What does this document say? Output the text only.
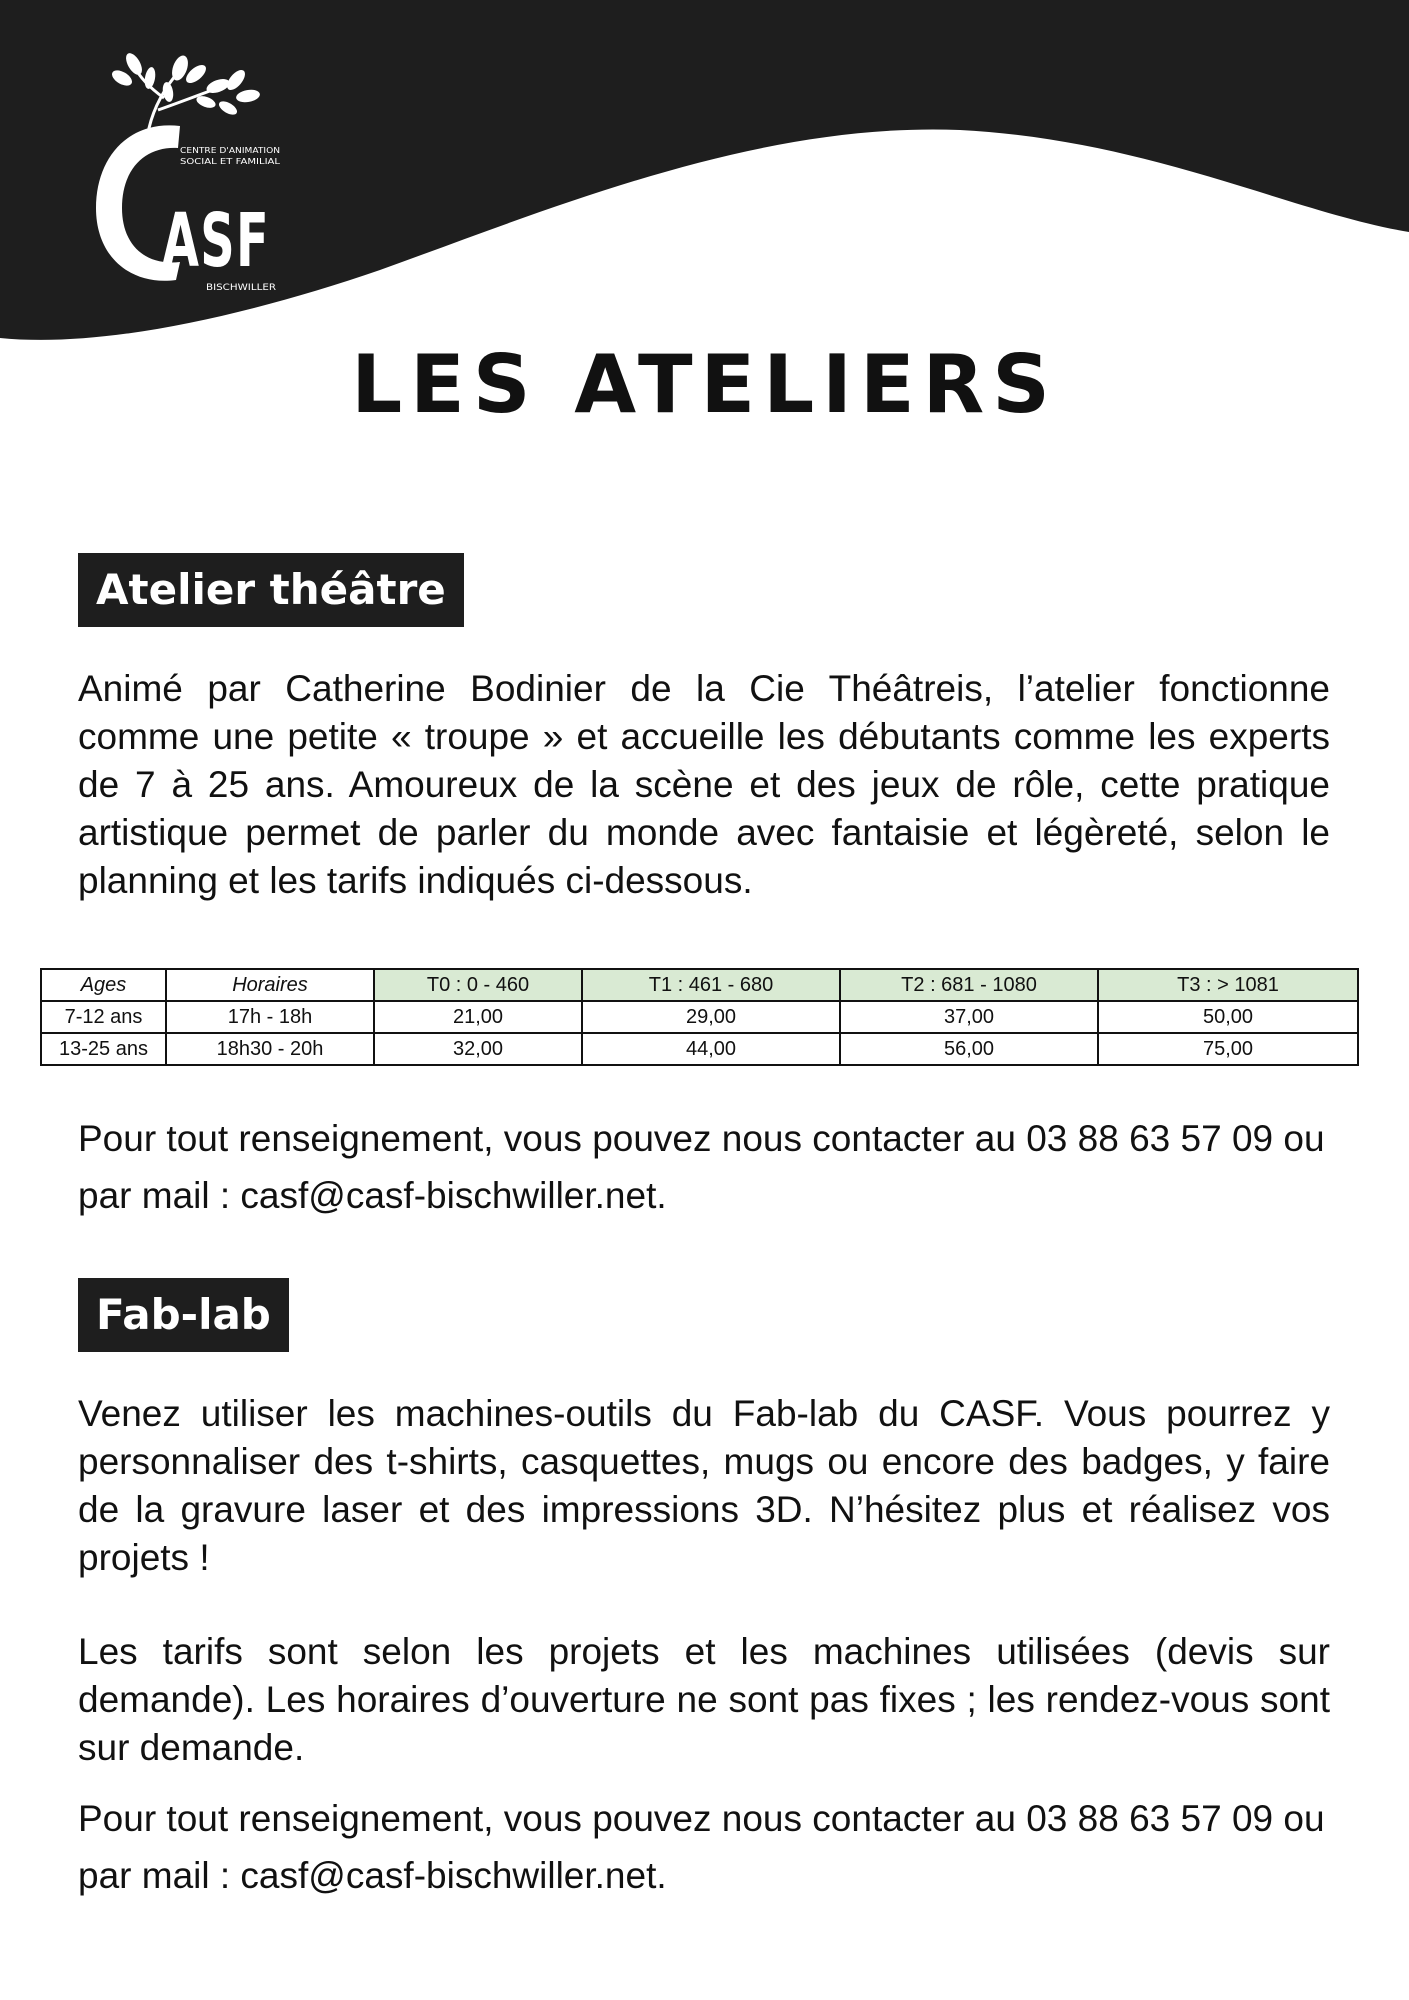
ASF
CENTRE D'ANIMATION
SOCIAL ET FAMILIAL
BISCHWILLER
LES ATELIERS
Atelier théâtre

Animé par Catherine Bodinier de la Cie Théâtreis, l’atelier fonctionne comme une petite « troupe » et accueille les débutants comme les experts de 7 à 25 ans. Amoureux de la scène et des jeux de rôle, cette pratique artistique permet de parler du monde avec fantaisie et légèreté, selon le planning et les tarifs indiqués ci-dessous.

Ages	Horaires	T0 : 0 - 460	T1 : 461 - 680	T2 : 681 - 1080	T3 : > 1081
7-12 ans	17h - 18h	21,00	29,00	37,00	50,00
13-25 ans	18h30 - 20h	32,00	44,00	56,00	75,00

Pour tout renseignement, vous pouvez nous contacter au 03 88 63 57 09 ou par mail : casf@casf-bischwiller.net.

Fab-lab

Venez utiliser les machines-outils du Fab-lab du CASF. Vous pourrez y personnaliser des t-shirts, casquettes, mugs ou encore des badges, y faire de la gravure laser et des impressions 3D. N’hésitez plus et réalisez vos projets !

Les tarifs sont selon les projets et les machines utilisées (devis sur demande). Les horaires d’ouverture ne sont pas fixes ; les rendez-vous sont sur demande.

Pour tout renseignement, vous pouvez nous contacter au 03 88 63 57 09 ou par mail : casf@casf-bischwiller.net.
